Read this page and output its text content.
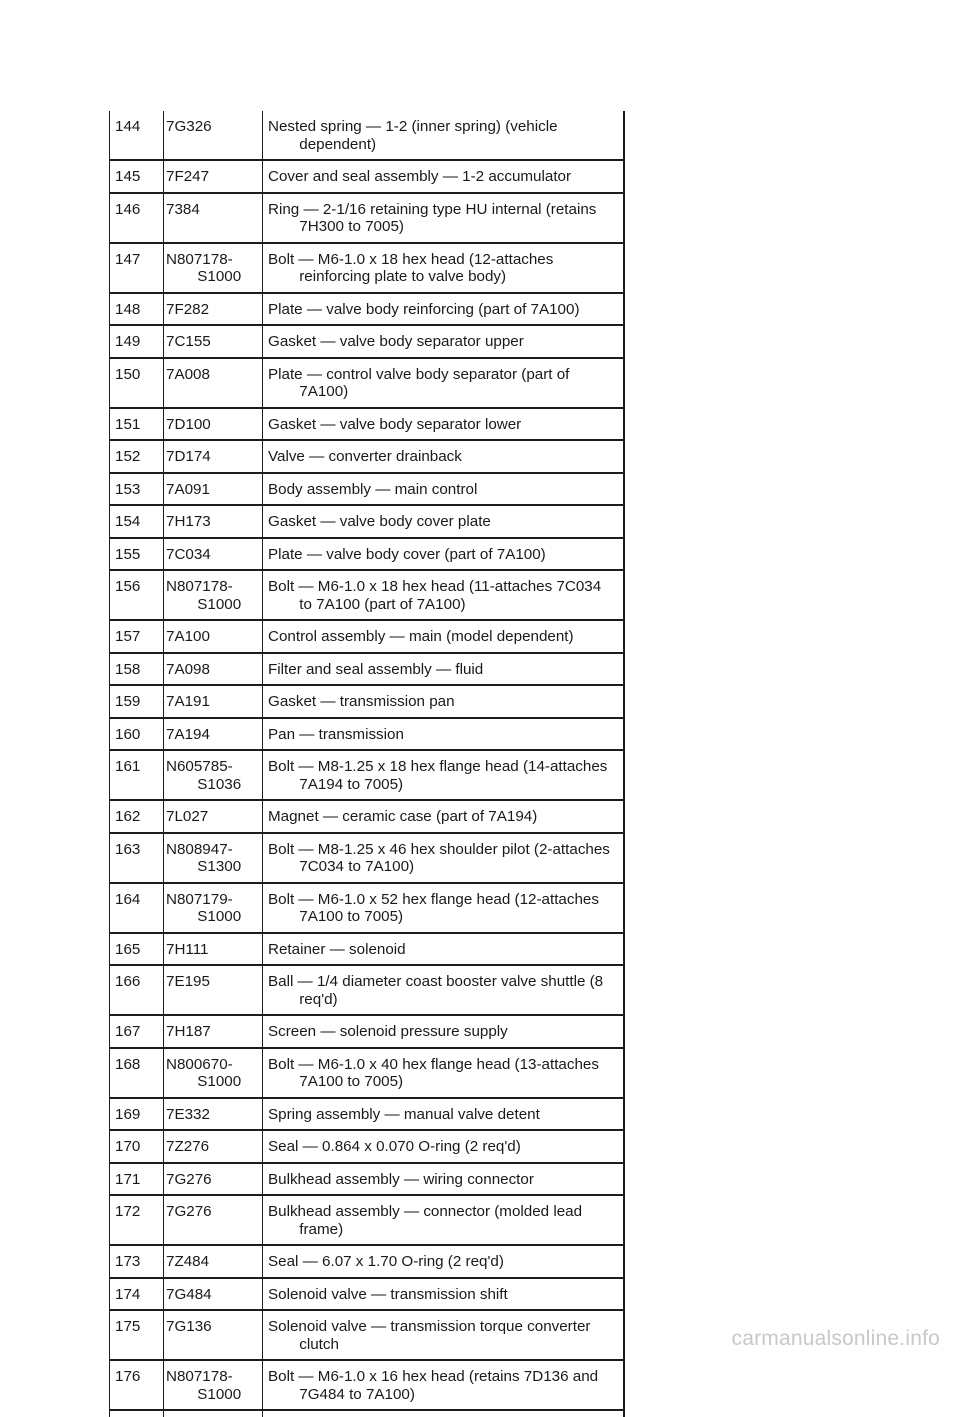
144	7G326	Nested spring — 1-2 (inner spring) (vehicle dependent)

145	7F247	Cover and seal assembly — 1-2 accumulator

146	7384	Ring — 2-1/16 retaining type HU internal (retains 7H300 to 7005)

147	N807178-S1000	Bolt — M6-1.0 x 18 hex head (12-attaches reinforcing plate to valve body)

148	7F282	Plate — valve body reinforcing (part of 7A100)

149	7C155	Gasket — valve body separator upper

150	7A008	Plate — control valve body separator (part of 7A100)

151	7D100	Gasket — valve body separator lower

152	7D174	Valve — converter drainback

153	7A091	Body assembly — main control

154	7H173	Gasket — valve body cover plate

155	7C034	Plate — valve body cover (part of 7A100)

156	N807178-S1000	Bolt — M6-1.0 x 18 hex head (11-attaches 7C034 to 7A100 (part of 7A100)

157	7A100	Control assembly — main (model dependent)

158	7A098	Filter and seal assembly — fluid

159	7A191	Gasket — transmission pan

160	7A194	Pan — transmission

161	N605785-S1036	Bolt — M8-1.25 x 18 hex flange head (14-attaches 7A194 to 7005)

162	7L027	Magnet — ceramic case (part of 7A194)

163	N808947-S1300	Bolt — M8-1.25 x 46 hex shoulder pilot (2-attaches 7C034 to 7A100)

164	N807179-S1000	Bolt — M6-1.0 x 52 hex flange head (12-attaches 7A100 to 7005)

165	7H111	Retainer — solenoid

166	7E195	Ball — 1/4 diameter coast booster valve shuttle (8 req'd)

167	7H187	Screen — solenoid pressure supply

168	N800670-S1000	Bolt — M6-1.0 x 40 hex flange head (13-attaches 7A100 to 7005)

169	7E332	Spring assembly — manual valve detent

170	7Z276	Seal — 0.864 x 0.070 O-ring (2 req'd)

171	7G276	Bulkhead assembly — wiring connector

172	7G276	Bulkhead assembly — connector (molded lead frame)

173	7Z484	Seal — 6.07 x 1.70 O-ring (2 req'd)

174	7G484	Solenoid valve — transmission shift

175	7G136	Solenoid valve — transmission torque converter clutch

176	N807178-S1000	Bolt — M6-1.0 x 16 hex head (retains 7D136 and 7G484 to 7A100)

carmanualsonline.info
